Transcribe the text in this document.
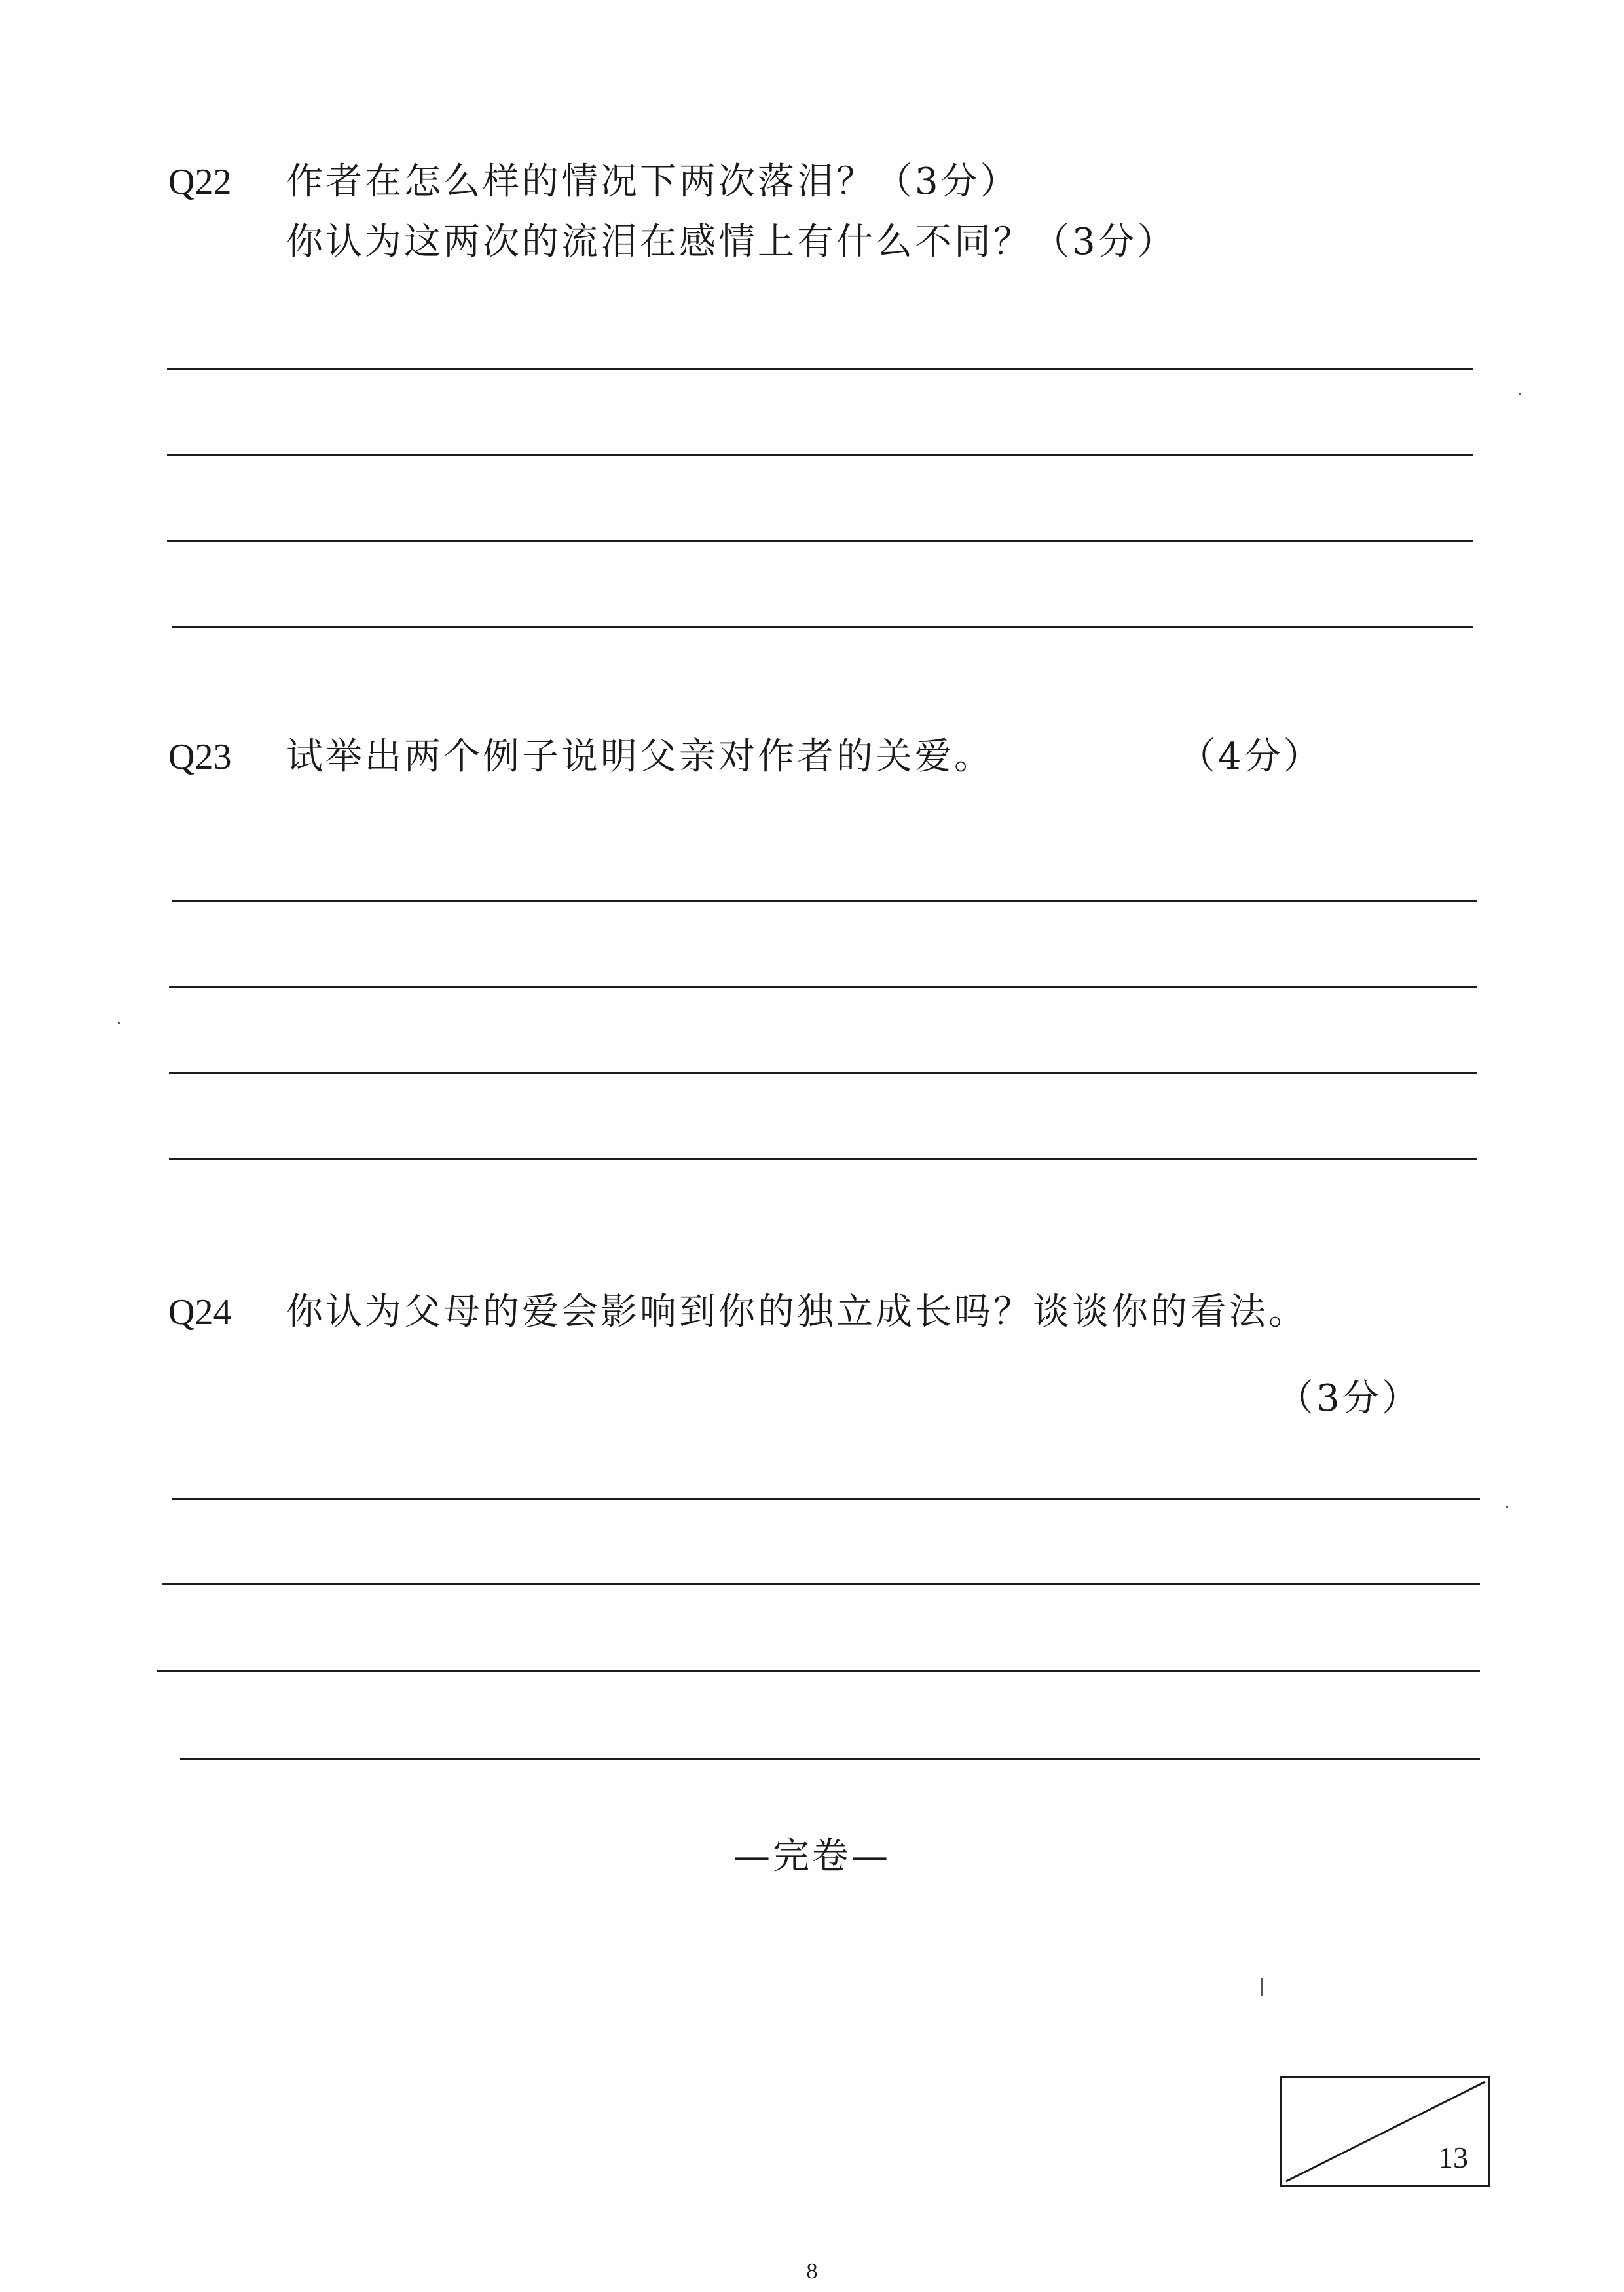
Q22 作者在怎么样的情况下两次落泪？（3分）
你认为这两次的流泪在感情上有什么不同？（3分）
Q23 试举出两个例子说明父亲对作者的关爱。	（4分）
Q24 你认为父母的爱会影响到你的独立成长吗？谈谈你的看法。
（3分）
—完卷—
13
8
